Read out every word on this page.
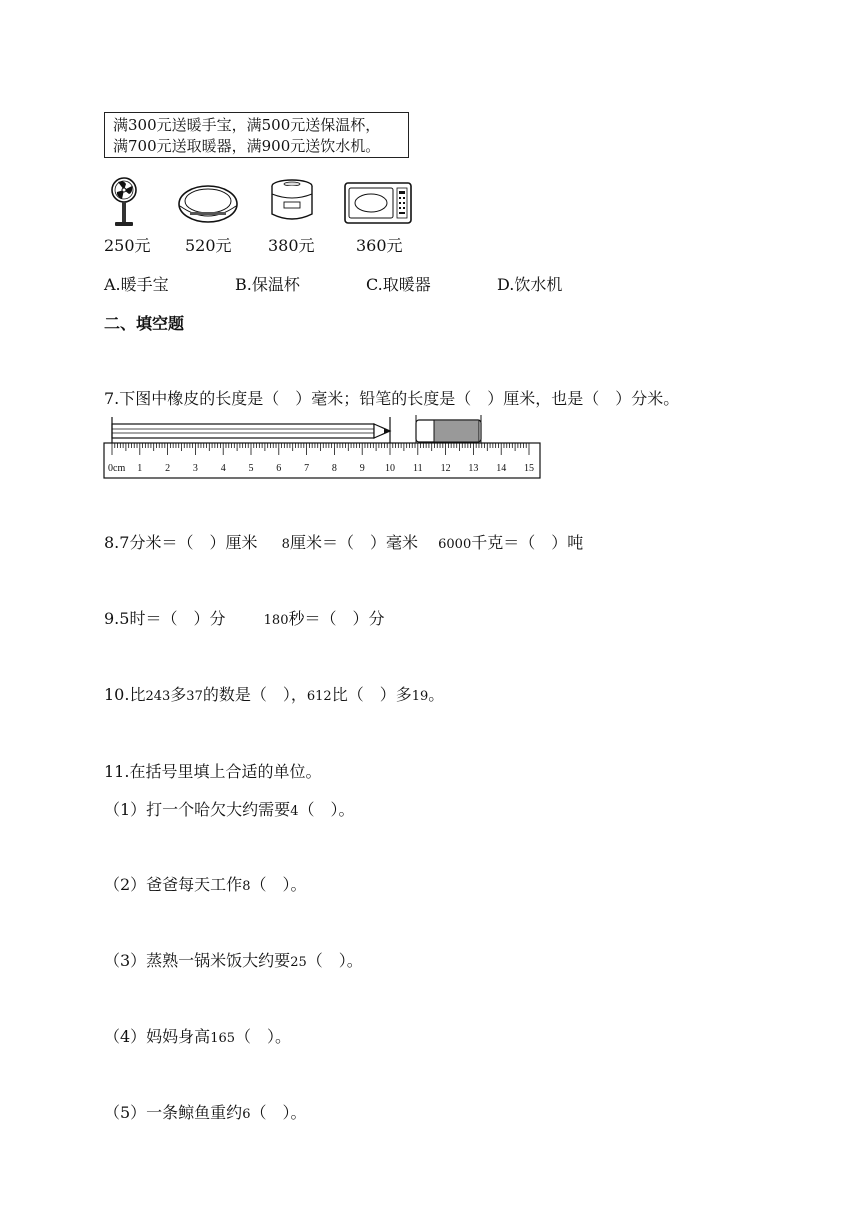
满300元送暖手宝，满500元送保温杯，
满700元送取暖器，满900元送饮水机。
250元 520元 380元	360元
A.暖手宝	B.保温杯	C.取暖器	D.饮水机
二、填空题
7.下图中橡皮的长度是（　）毫米；铅笔的长度是（　）厘米，也是（　）分米。
0cm 1 2 3 4 5 6 7 8 9 10 11 12 13 14 15
8.7分米＝（　）厘米 8厘米＝（　）毫米 6000千克＝（　）吨
9.5时＝（　）分	180秒＝（　）分
10.比243多37的数是（　），612比（　）多19。
11.在括号里填上合适的单位。
（1）打一个哈欠大约需要4（　）。
（2）爸爸每天工作8（　）。
（3）蒸熟一锅米饭大约要25（　）。
（4）妈妈身高165（　）。
（5）一条鲸鱼重约6（　）。
